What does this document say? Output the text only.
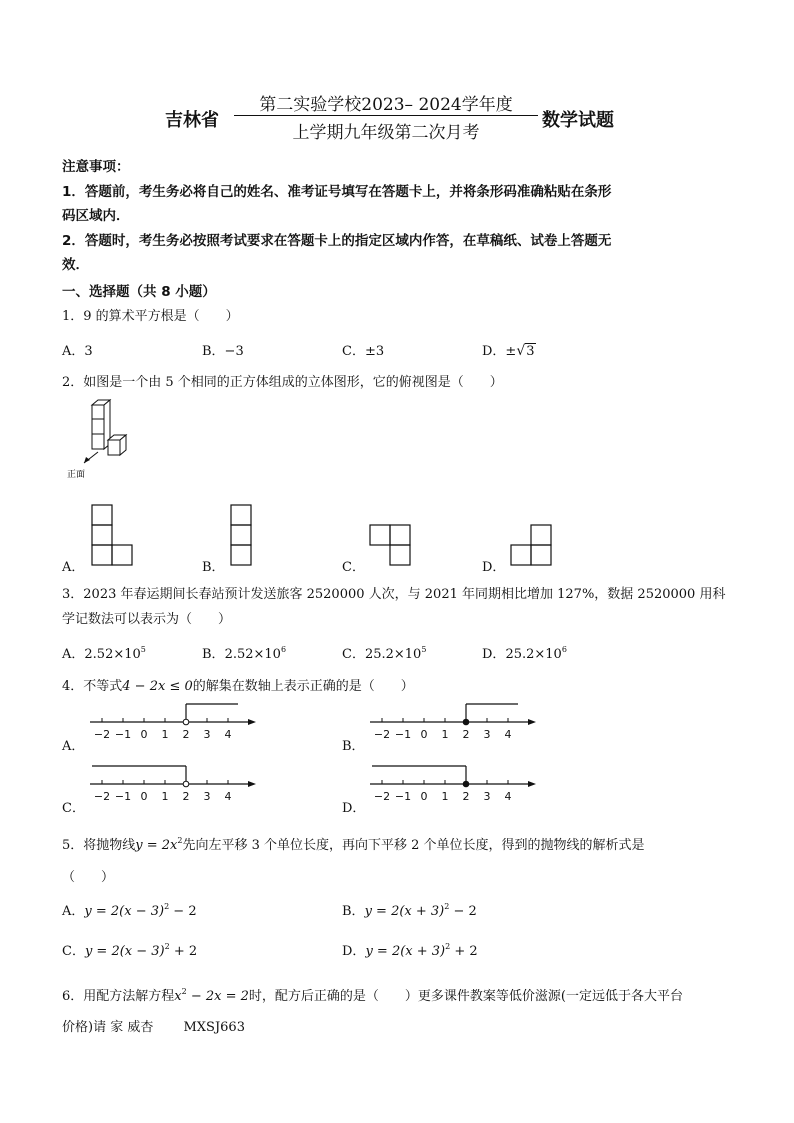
吉林省
第二实验学校2023– 2024学年度
上学期九年级第二次月考
数学试题
注意事项：
1．答题前，考生务必将自己的姓名、准考证号填写在答题卡上，并将条形码准确粘贴在条形
码区域内．
2．答题时，考生务必按照考试要求在答题卡上的指定区域内作答，在草稿纸、试卷上答题无
效．
一、选择题（共 8 小题）
1．9 的算术平方根是（　　）
A．3	B．−3	C．±3	D．±√3
2．如图是一个由 5 个相同的正方体组成的立体图形，它的俯视图是（　　）
正面
A．	B．	C．	D．
3．2023 年春运期间长春站预计发送旅客 2520000 人次，与 2021 年同期相比增加 127%，数据 2520000 用科
学记数法可以表示为（　　）
A．$2.52\times 10^5$	B．$2.52\times 10^6$	C．$25.2\times 10^5$	D．$25.2\times 10^6$
4．不等式4 − 2x ≤ 0的解集在数轴上表示正确的是（　　）
A．
−2 −1 0 1 2 3 4
B．
−2 −1 0 1 2 3 4
C．
−2 −1 0 1 2 3 4
D．
−2 −1 0 1 2 3 4
5．将抛物线$y = 2x^2$先向左平移 3 个单位长度，再向下平移 2 个单位长度，得到的抛物线的解析式是
（　　）
A．$y = 2(x - 3)^2 - 2$	B．$y = 2(x + 3)^2 - 2$
C．$y = 2(x - 3)^2 + 2$	D．$y = 2(x + 3)^2 + 2$
6．用配方法解方程$x^2 - 2x = 2$时，配方后正确的是（　　）更多课件教案等低价滋源(一定远低于各大平台
价格)请 家 威杏　　 MXSJ663
